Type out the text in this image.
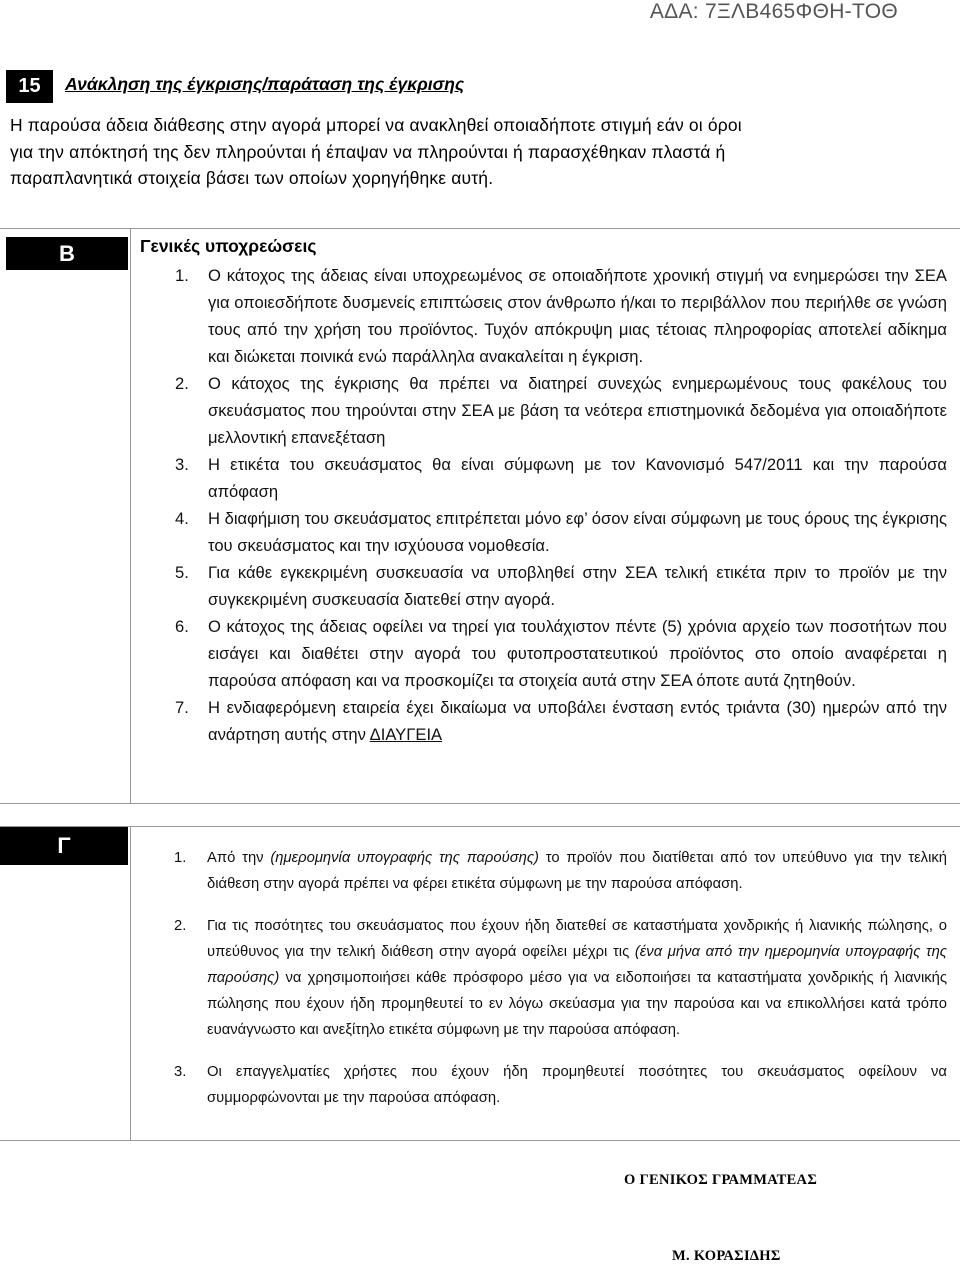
ΑΔΑ: 7ΞΛΒ465ΦΘΗ-ΤΟΘ
15	Ανάκληση της έγκρισης/παράταση της έγκρισης
Η παρούσα άδεια διάθεσης στην αγορά μπορεί να ανακληθεί οποιαδήποτε στιγμή εάν οι όροι
για την απόκτησή της δεν πληρούνται ή έπαψαν να πληρούνται ή παρασχέθηκαν πλαστά ή
παραπλανητικά στοιχεία βάσει των οποίων χορηγήθηκε αυτή.
Β	Γενικές υποχρεώσεις
1. Ο κάτοχος της άδειας είναι υποχρεωμένος σε οποιαδήποτε χρονική στιγμή να ενημερώσει την ΣΕΑ για οποιεσδήποτε δυσμενείς επιπτώσεις στον άνθρωπο ή/και το περιβάλλον που περιήλθε σε γνώση τους από την χρήση του προϊόντος. Τυχόν απόκρυψη μιας τέτοιας πληροφορίας αποτελεί αδίκημα και διώκεται ποινικά ενώ παράλληλα ανακαλείται η έγκριση.
2. Ο κάτοχος της έγκρισης θα πρέπει να διατηρεί συνεχώς ενημερωμένους τους φακέλους του σκευάσματος που τηρούνται στην ΣΕΑ με βάση τα νεότερα επιστημονικά δεδομένα για οποιαδήποτε μελλοντική επανεξέταση
3. Η ετικέτα του σκευάσματος θα είναι σύμφωνη με τον Κανονισμό 547/2011 και την παρούσα απόφαση
4. Η διαφήμιση του σκευάσματος επιτρέπεται μόνο εφ’ όσον είναι σύμφωνη με τους όρους της έγκρισης του σκευάσματος και την ισχύουσα νομοθεσία.
5. Για κάθε εγκεκριμένη συσκευασία να υποβληθεί στην ΣΕΑ τελική ετικέτα πριν το προϊόν με την συγκεκριμένη συσκευασία διατεθεί στην αγορά.
6. Ο κάτοχος της άδειας οφείλει να τηρεί για τουλάχιστον πέντε (5) χρόνια αρχείο των ποσοτήτων που εισάγει και διαθέτει στην αγορά του φυτοπροστατευτικού προϊόντος στο οποίο αναφέρεται η παρούσα απόφαση και να προσκομίζει τα στοιχεία αυτά στην ΣΕΑ όποτε αυτά ζητηθούν.
7. Η ενδιαφερόμενη εταιρεία έχει δικαίωμα να υποβάλει ένσταση εντός τριάντα (30) ημερών από την ανάρτηση αυτής στην ΔΙΑΥΓΕΙΑ
Γ	1. Από την (ημερομηνία υπογραφής της παρούσης) το προϊόν που διατίθεται από τον υπεύθυνο για την τελική διάθεση στην αγορά πρέπει να φέρει ετικέτα σύμφωνη με την παρούσα απόφαση.
2. Για τις ποσότητες του σκευάσματος που έχουν ήδη διατεθεί σε καταστήματα χονδρικής ή λιανικής πώλησης, ο υπεύθυνος για την τελική διάθεση στην αγορά οφείλει μέχρι τις (ένα μήνα από την ημερομηνία υπογραφής της παρούσης) να χρησιμοποιήσει κάθε πρόσφορο μέσο για να ειδοποιήσει τα καταστήματα χονδρικής ή λιανικής πώλησης που έχουν ήδη προμηθευτεί το εν λόγω σκεύασμα για την παρούσα και να επικολλήσει κατά τρόπο ευανάγνωστο και ανεξίτηλο ετικέτα σύμφωνη με την παρούσα απόφαση.
3. Οι επαγγελματίες χρήστες που έχουν ήδη προμηθευτεί ποσότητες του σκευάσματος οφείλουν να συμμορφώνονται με την παρούσα απόφαση.
Ο ΓΕΝΙΚΟΣ ΓΡΑΜΜΑΤΕΑΣ
Μ. ΚΟΡΑΣΙΔΗΣ
